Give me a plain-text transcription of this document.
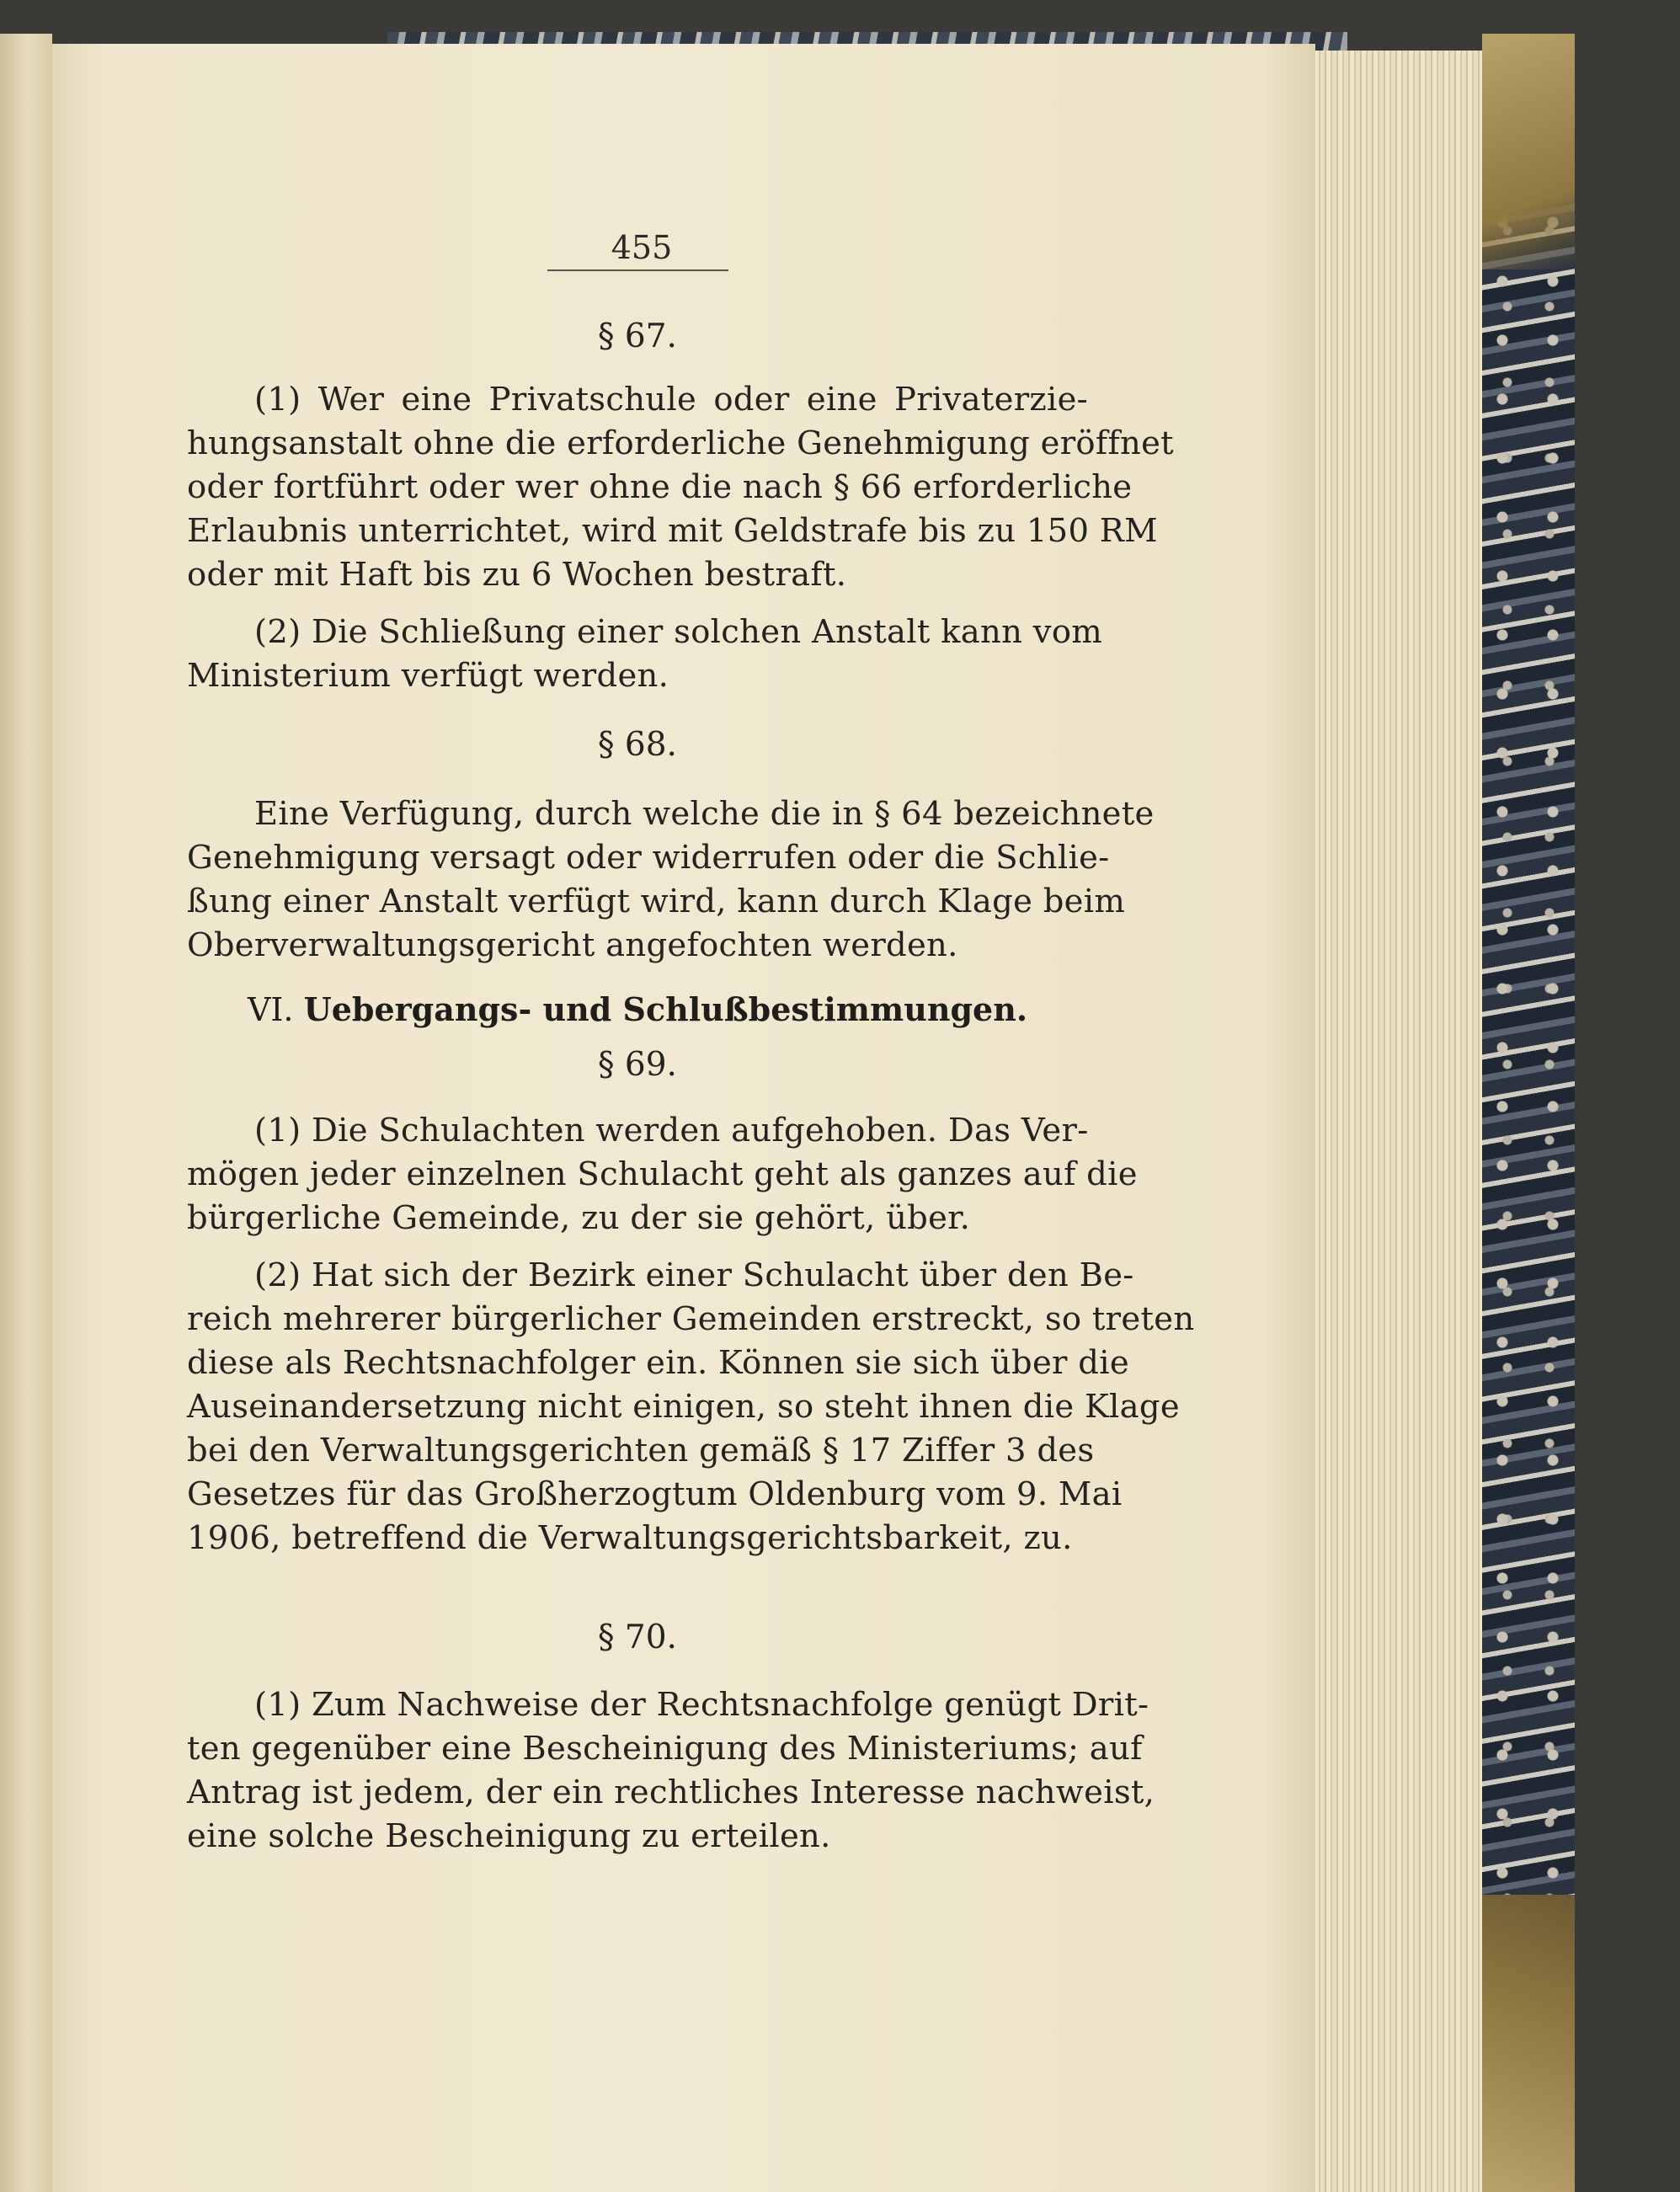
455
§ 67.
(1) Wer eine Privatschule oder eine Privaterzie-
hungsanstalt ohne die erforderliche Genehmigung eröffnet
oder fortführt oder wer ohne die nach § 66 erforderliche
Erlaubnis unterrichtet, wird mit Geldstrafe bis zu 150 RM
oder mit Haft bis zu 6 Wochen bestraft.
(2) Die Schließung einer solchen Anstalt kann vom
Ministerium verfügt werden.
§ 68.
Eine Verfügung, durch welche die in § 64 bezeichnete
Genehmigung versagt oder widerrufen oder die Schlie-
ßung einer Anstalt verfügt wird, kann durch Klage beim
Oberverwaltungsgericht angefochten werden.
VI. Uebergangs- und Schlußbestimmungen.
§ 69.
(1) Die Schulachten werden aufgehoben. Das Ver-
mögen jeder einzelnen Schulacht geht als ganzes auf die
bürgerliche Gemeinde, zu der sie gehört, über.
(2) Hat sich der Bezirk einer Schulacht über den Be-
reich mehrerer bürgerlicher Gemeinden erstreckt, so treten
diese als Rechtsnachfolger ein. Können sie sich über die
Auseinandersetzung nicht einigen, so steht ihnen die Klage
bei den Verwaltungsgerichten gemäß § 17 Ziffer 3 des
Gesetzes für das Großherzogtum Oldenburg vom 9. Mai
1906, betreffend die Verwaltungsgerichtsbarkeit, zu.
§ 70.
(1) Zum Nachweise der Rechtsnachfolge genügt Drit-
ten gegenüber eine Bescheinigung des Ministeriums; auf
Antrag ist jedem, der ein rechtliches Interesse nachweist,
eine solche Bescheinigung zu erteilen.
